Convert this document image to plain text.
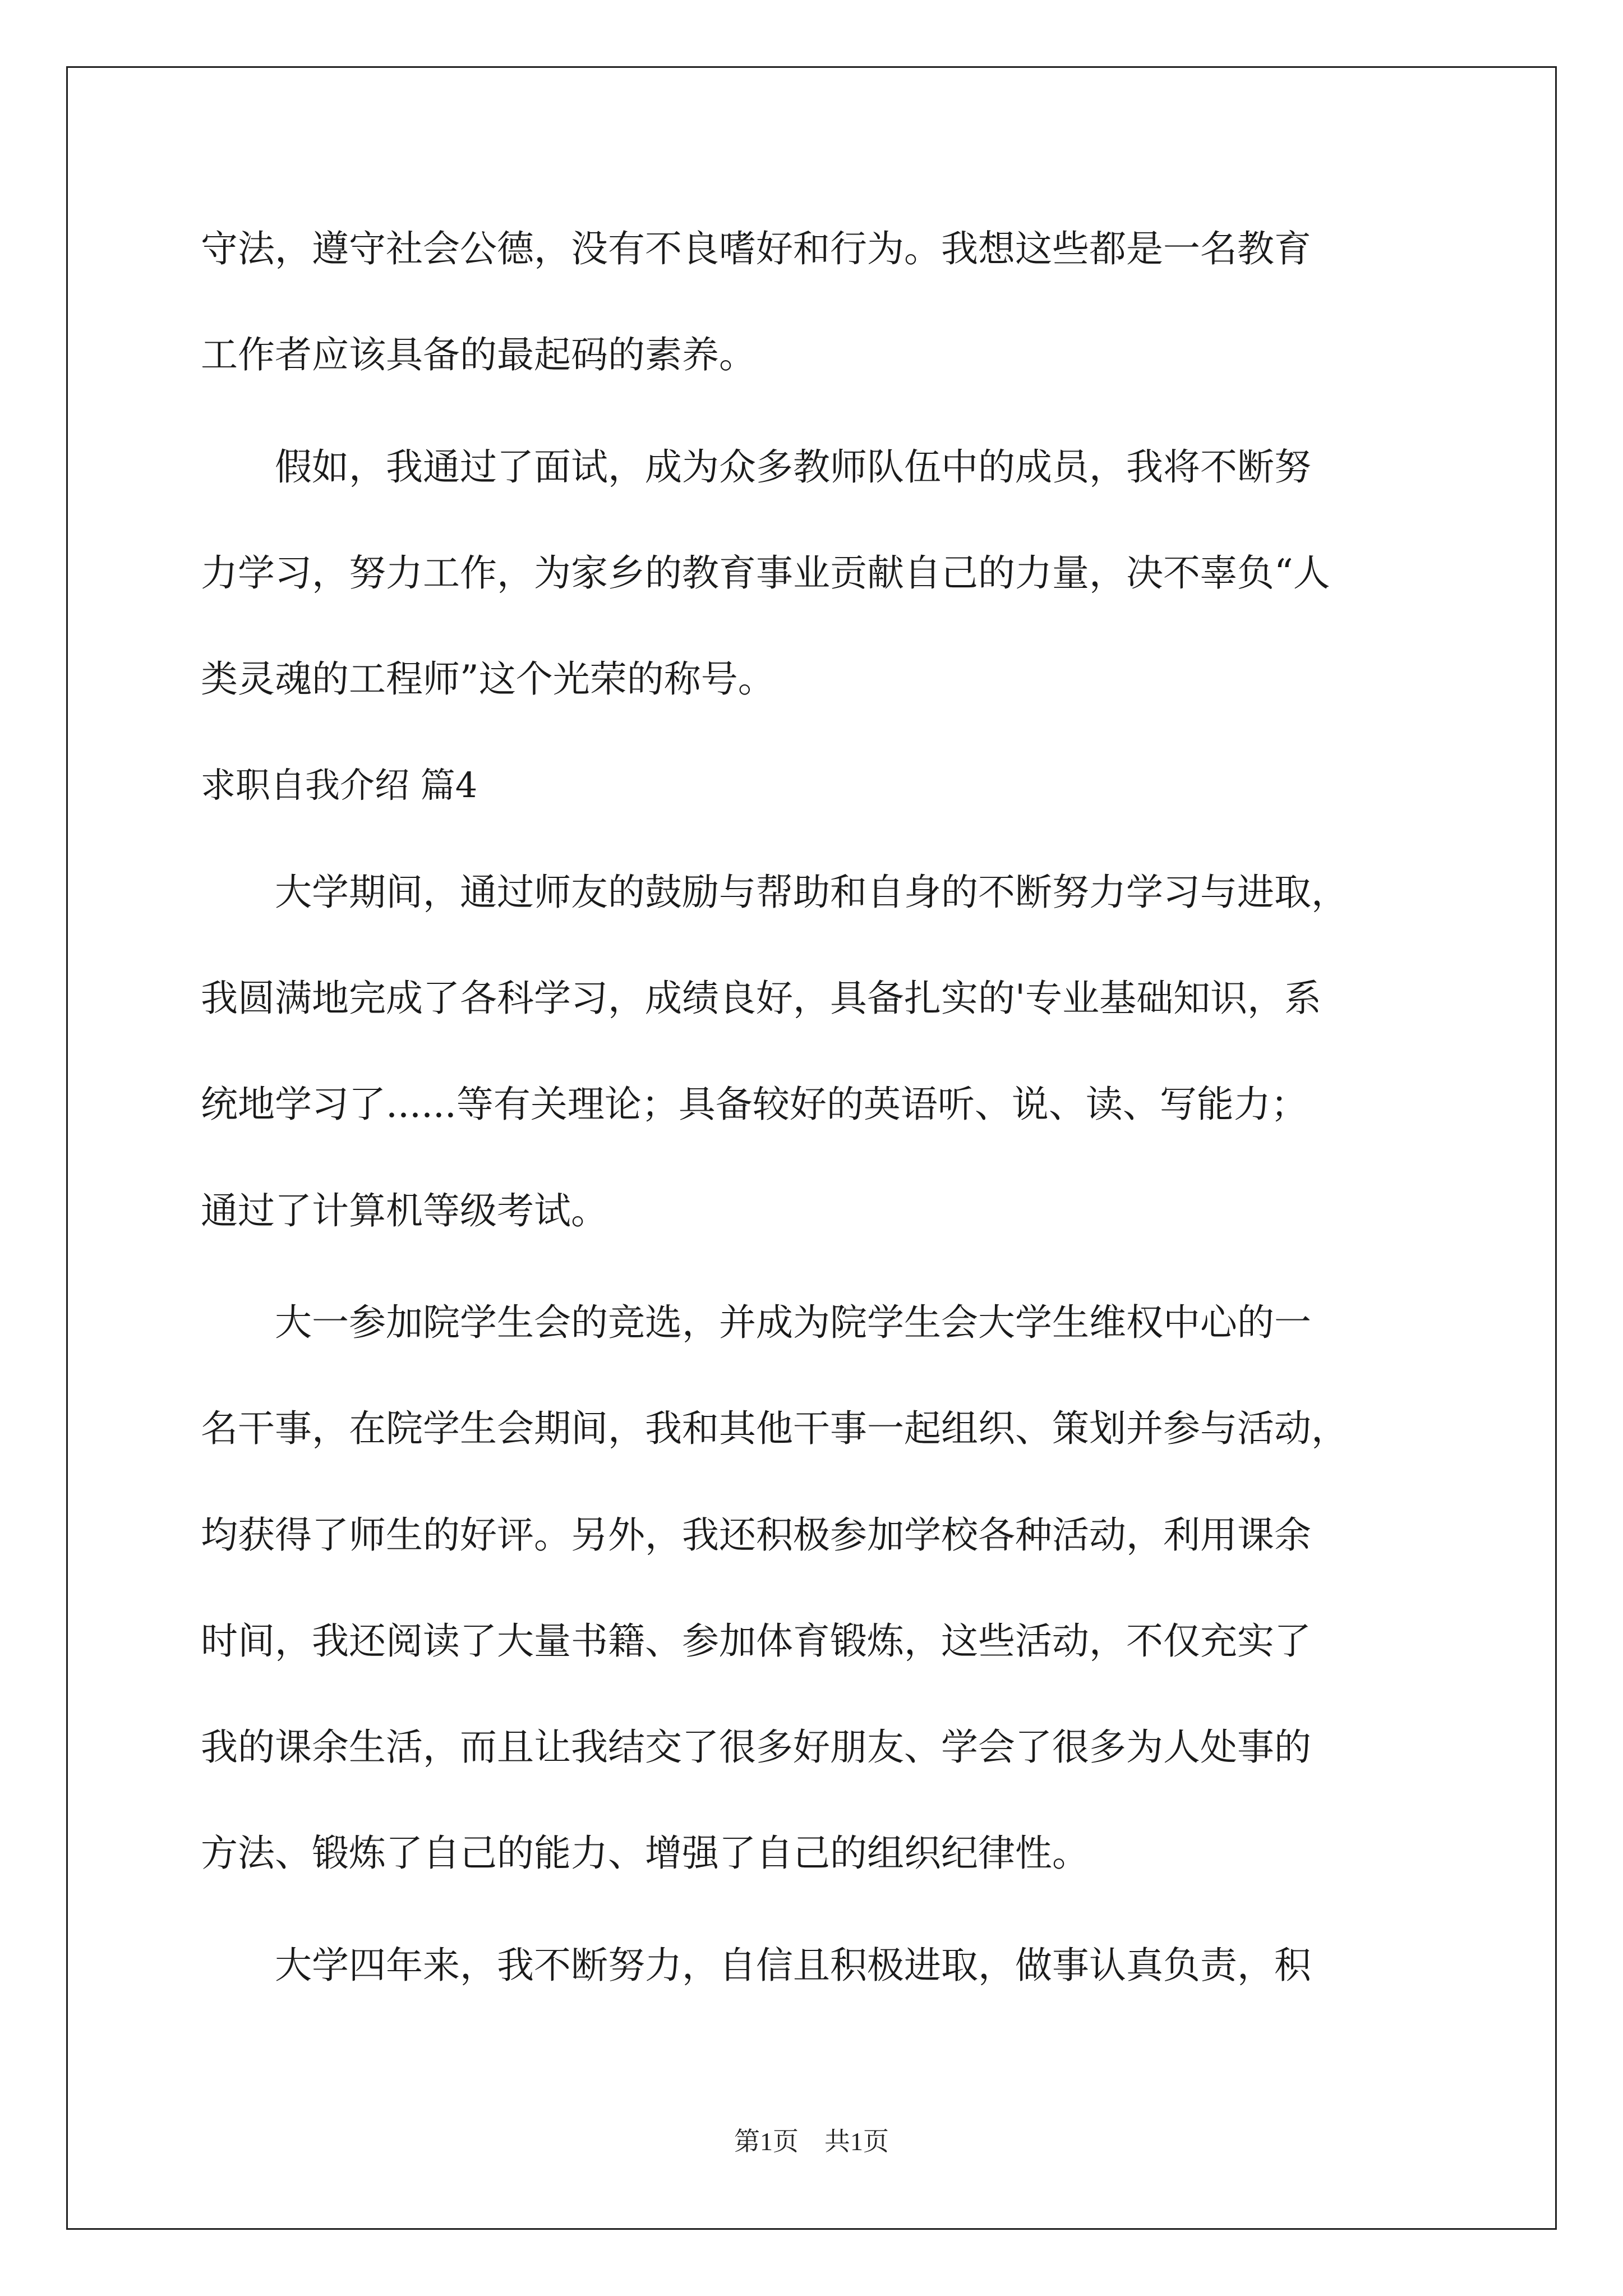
守法，遵守社会公德，没有不良嗜好和行为。我想这些都是一名教育

工作者应该具备的最起码的素养。

　　假如，我通过了面试，成为众多教师队伍中的成员，我将不断努

力学习，努力工作，为家乡的教育事业贡献自己的力量，决不辜负“人

类灵魂的工程师”这个光荣的称号。

求职自我介绍 篇4

　　大学期间，通过师友的鼓励与帮助和自身的不断努力学习与进取，

我圆满地完成了各科学习，成绩良好，具备扎实的'专业基础知识，系

统地学习了......等有关理论；具备较好的英语听、说、读、写能力；

通过了计算机等级考试。

　　大一参加院学生会的竞选，并成为院学生会大学生维权中心的一

名干事，在院学生会期间，我和其他干事一起组织、策划并参与活动，

均获得了师生的好评。另外，我还积极参加学校各种活动，利用课余

时间，我还阅读了大量书籍、参加体育锻炼，这些活动，不仅充实了

我的课余生活，而且让我结交了很多好朋友、学会了很多为人处事的

方法、锻炼了自己的能力、增强了自己的组织纪律性。

　　大学四年来，我不断努力，自信且积极进取，做事认真负责，积

第1页　共1页
